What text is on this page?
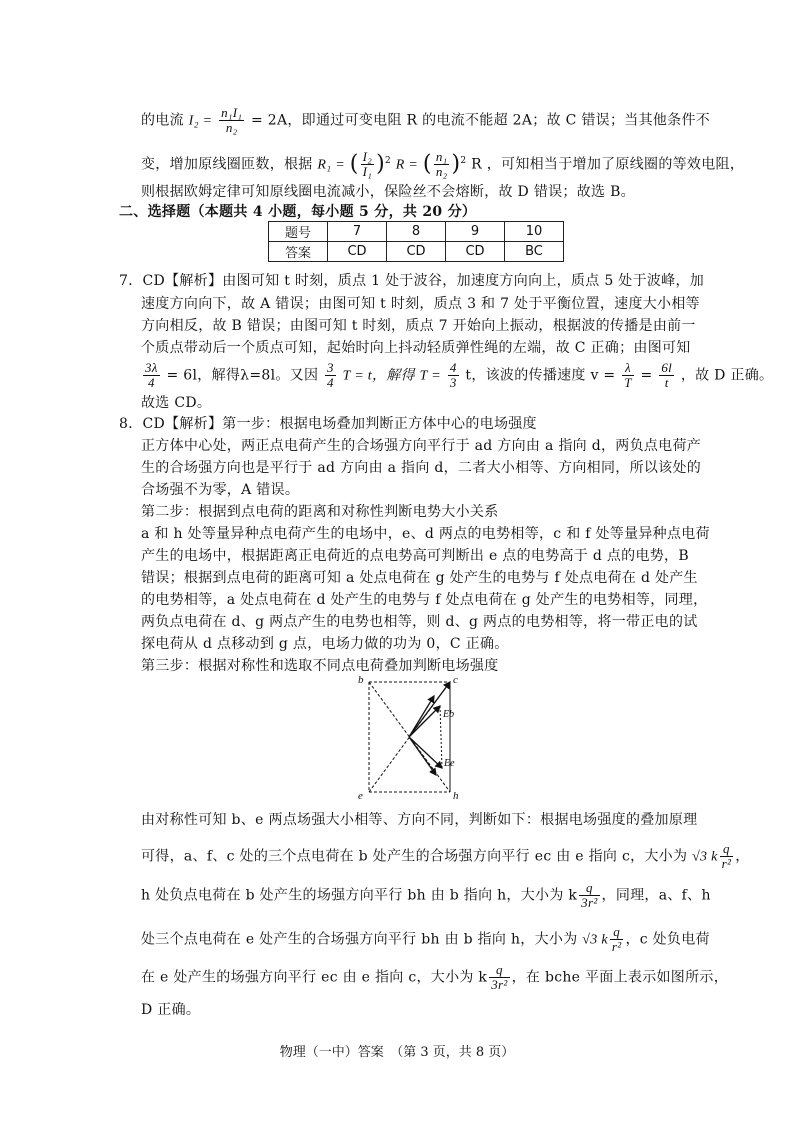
的电流 $I_2 = \frac{\text{n₁I₁}}{\text{n₂}} = 2A$，即通过可变电阻 R 的电流不能超 2A；故 C 错误；当其他条件不
变，增加原线圈匝数，根据 R₁ = ( $\frac{\text{I₂}}{\text{I₁}} )^2$ R = ( $\frac{\text{n₁}}{\text{n₂}} )^2$ R ，可知相当于增加了原线圈的等效电阻，
则根据欧姆定律可知原线圈电流减小，保险丝不会熔断，故 D 错误；故选 B。
二、选择题（本题共 4 小题，每小题 5 分，共 20 分）
题号	7	8	9	10
答案	CD	CD	CD	BC
7．CD【解析】由图可知 t 时刻，质点 1 处于波谷，加速度方向向上，质点 5 处于波峰，加
速度方向向下，故 A 错误；由图可知 t 时刻，质点 3 和 7 处于平衡位置，速度大小相等
方向相反，故 B 错误；由图可知 t 时刻，质点 7 开始向上振动，根据波的传播是由前一
个质点带动后一个质点可知，起始时向上抖动轻质弹性绳的左端，故 C 正确；由图可知
$\frac{3\lambda}{4} = 6l$，解得λ=8l。又因 $\frac{3}{4}$ T = t，解得 $T = \frac{4}{3}$ t，该波的传播速度 $v = \frac{\lambda}{T} = \frac{6l}{t}$ ，故 D 正确。
故选 CD。
8．CD【解析】第一步：根据电场叠加判断正方体中心的电场强度
正方体中心处，两正点电荷产生的合场强方向平行于 ad 方向由 a 指向 d，两负点电荷产
生的合场强方向也是平行于 ad 方向由 a 指向 d，二者大小相等、方向相同，所以该处的
合场强不为零，A 错误。
第二步：根据到点电荷的距离和对称性判断电势大小关系
a 和 h 处等量异种点电荷产生的电场中，e、d 两点的电势相等，c 和 f 处等量异种点电荷
产生的电场中，根据距离正电荷近的点电势高可判断出 e 点的电势高于 d 点的电势，B
错误；根据到点电荷的距离可知 a 处点电荷在 g 处产生的电势与 f 处点电荷在 d 处产生
的电势相等，a 处点电荷在 d 处产生的电势与 f 处点电荷在 g 处产生的电势相等，同理，
两负点电荷在 d、g 两点产生的电势也相等，则 d、g 两点的电势相等，将一带正电的试
探电荷从 d 点移动到 g 点，电场力做的功为 0，C 正确。
第三步：根据对称性和选取不同点电荷叠加判断电场强度
b	c
e	h
Eb
Ee
由对称性可知 b、e 两点场强大小相等、方向不同，判断如下：根据电场强度的叠加原理
可得，a、f、c 处的三个点电荷在 b 处产生的合场强方向平行 ec 由 e 指向 c，大小为 √3 k $\frac{q}{\text{r²}}$ ，
h 处负点电荷在 b 处产生的场强方向平行 bh 由 b 指向 h，大小为 k $\frac{q}{\text{3r²}}$ ，同理，a、f、h
处三个点电荷在 e 处产生的合场强方向平行 bh 由 b 指向 h，大小为 √3 k $\frac{q}{\text{r²}}$ ，c 处负电荷
在 e 处产生的场强方向平行 ec 由 e 指向 c，大小为 k $\frac{q}{\text{3r²}}$ ，在 bche 平面上表示如图所示，
D 正确。
物理（一中）答案　（第 3 页，共 8 页）
